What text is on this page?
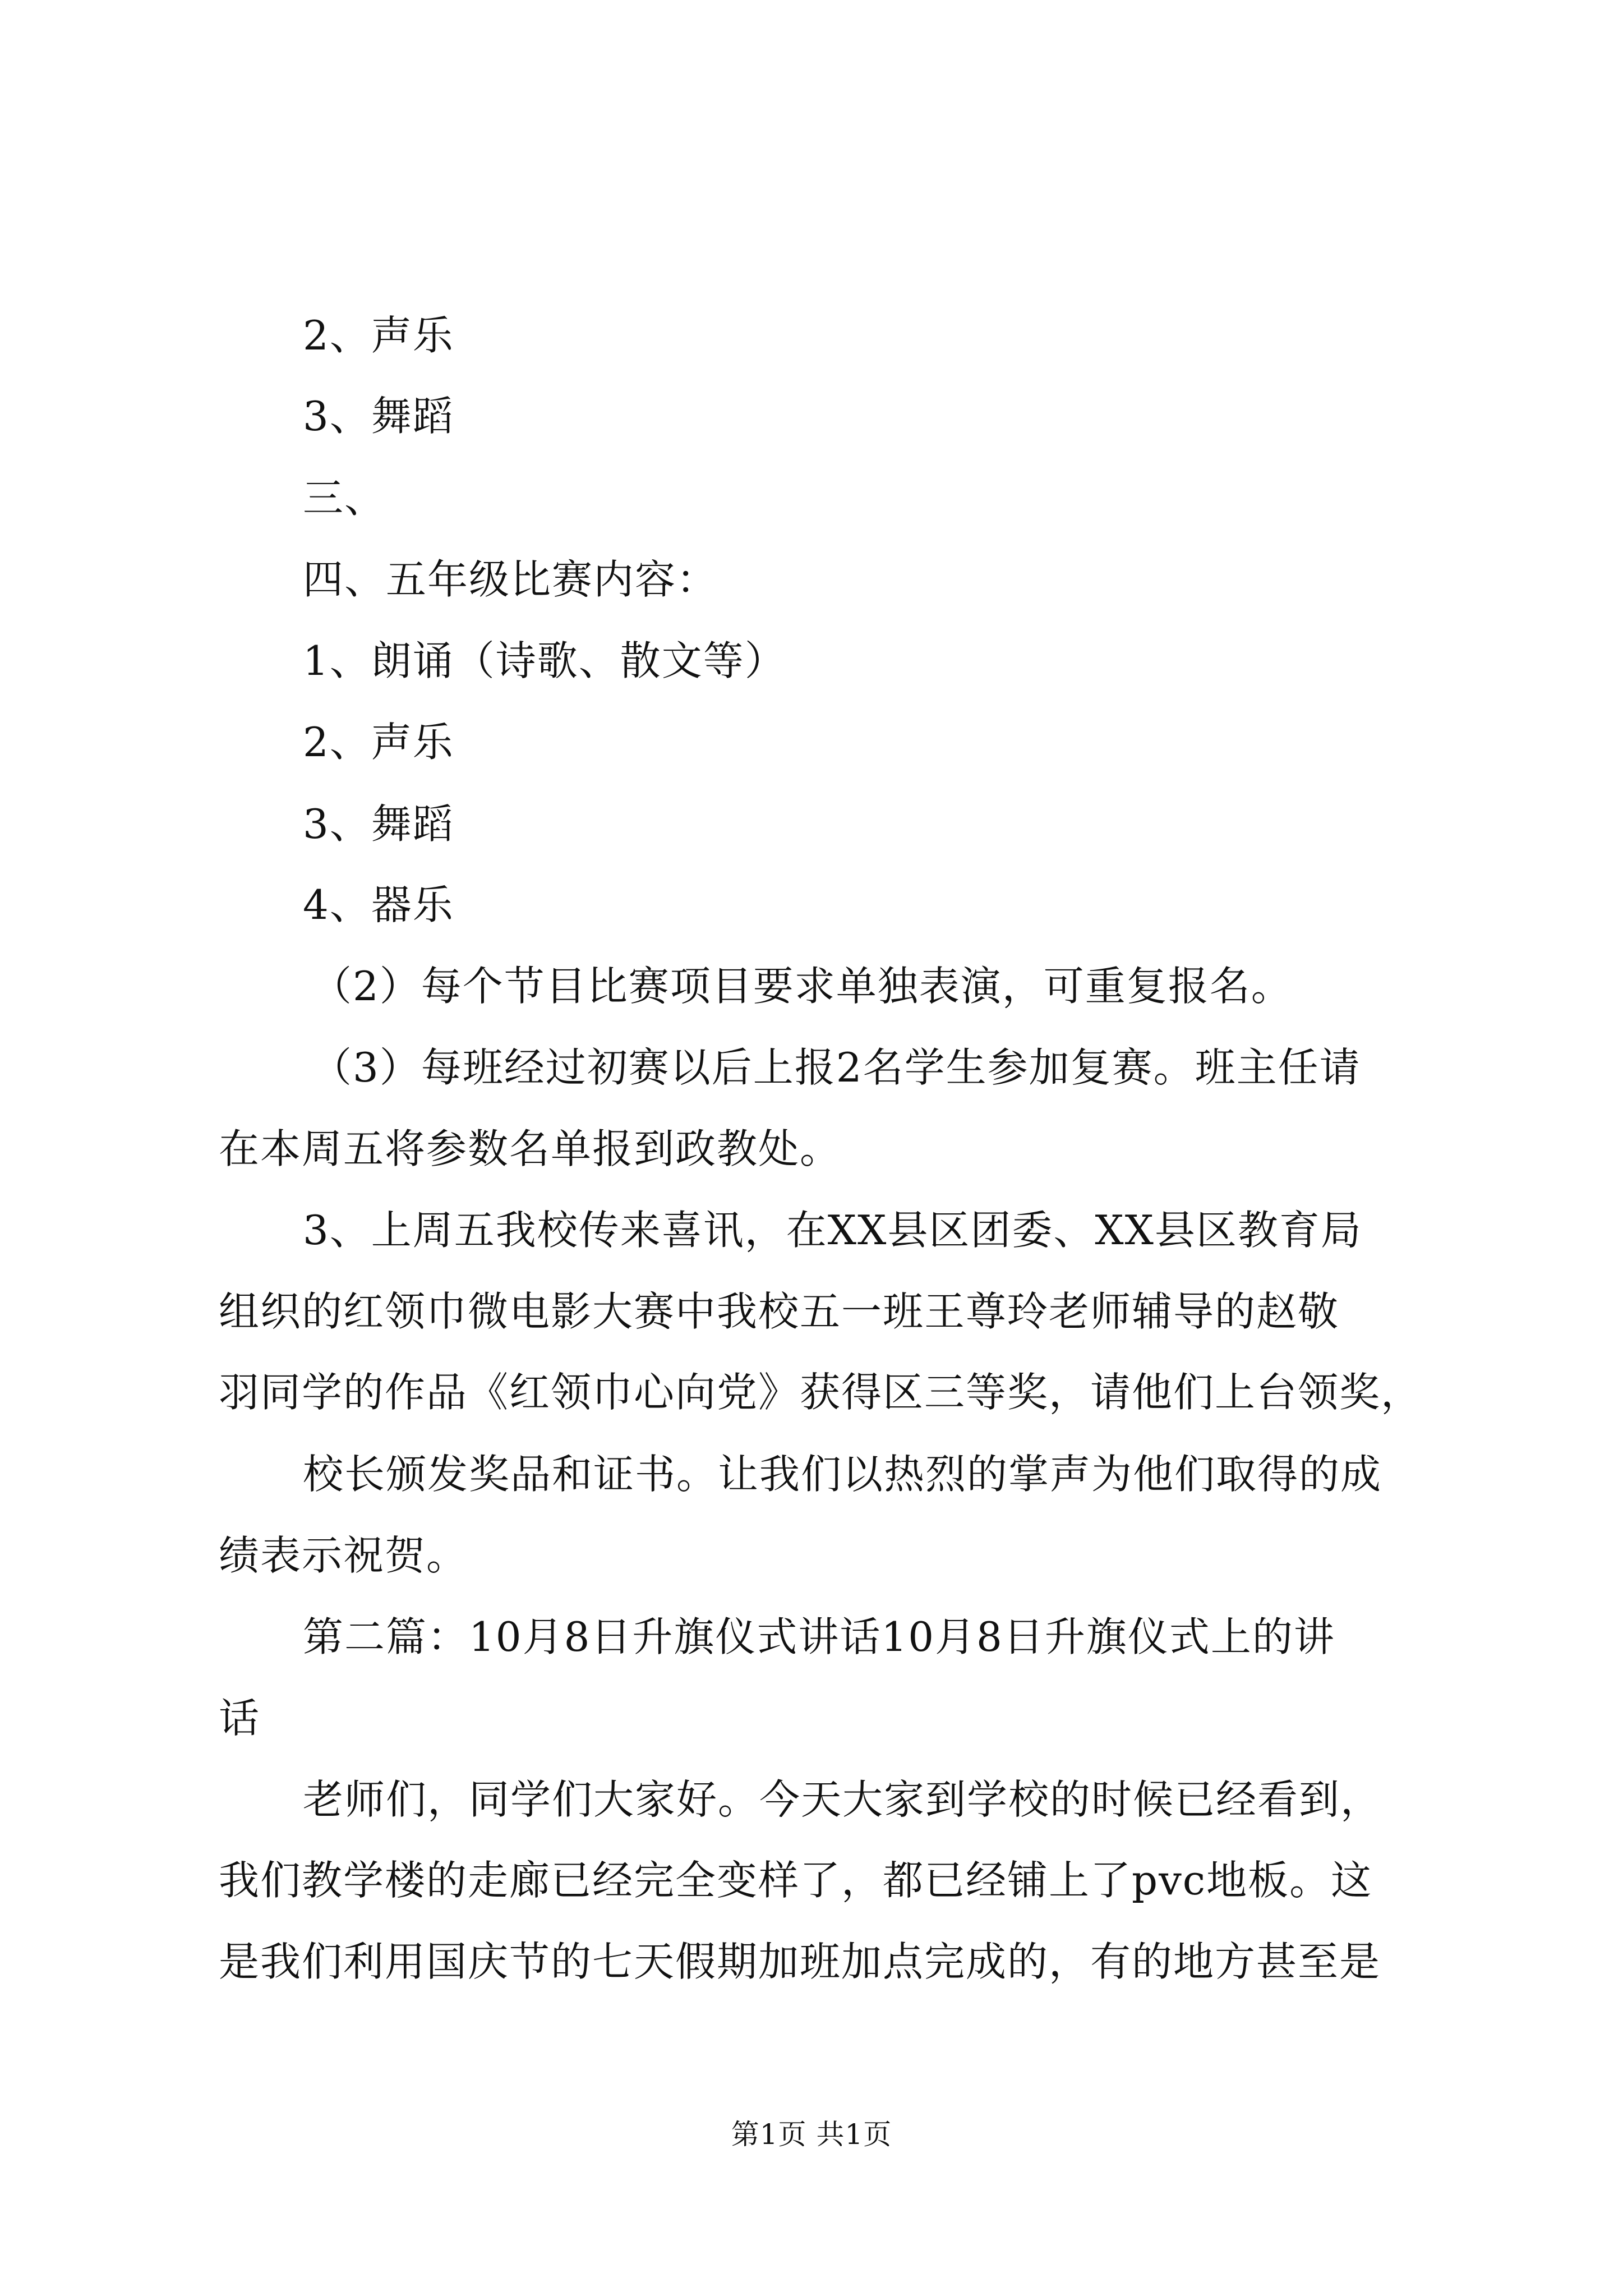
2、声乐
3、舞蹈
三、
四、五年级比赛内容：
1、朗诵（诗歌、散文等）
2、声乐
3、舞蹈
4、器乐
（2）每个节目比赛项目要求单独表演，可重复报名。
（3）每班经过初赛以后上报2名学生参加复赛。班主任请
在本周五将参数名单报到政教处。
3、上周五我校传来喜讯，在XX县区团委、XX县区教育局
组织的红领巾微电影大赛中我校五一班王尊玲老师辅导的赵敬
羽同学的作品《红领巾心向党》获得区三等奖，请他们上台领奖，
校长颁发奖品和证书。让我们以热烈的掌声为他们取得的成
绩表示祝贺。
第二篇：10月8日升旗仪式讲话10月8日升旗仪式上的讲
话
老师们，同学们大家好。今天大家到学校的时候已经看到，
我们教学楼的走廊已经完全变样了，都已经铺上了pvc地板。这
是我们利用国庆节的七天假期加班加点完成的，有的地方甚至是
第1页 共1页
